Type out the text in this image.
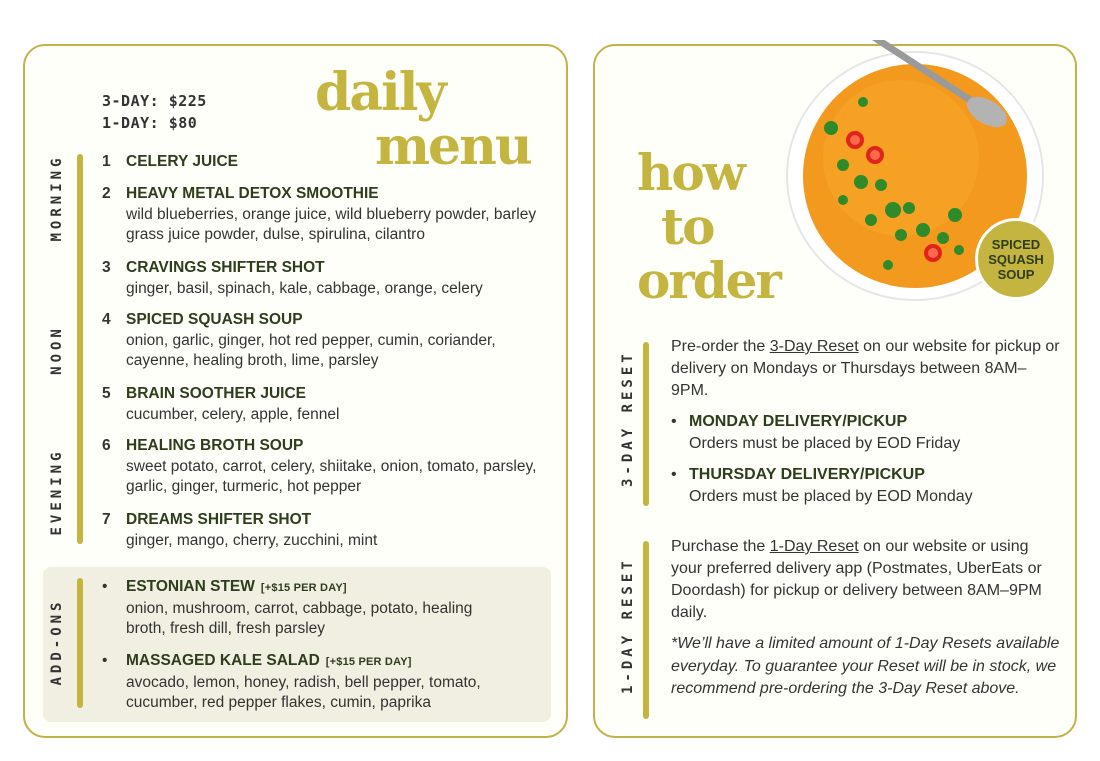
3-DAY: $225
1-DAY: $80 daily
menu
MORNING
NOON
EVENING
1 CELERY JUICE
2 HEAVY METAL DETOX SMOOTHIE
wild blueberries, orange juice, wild blueberry powder, barley grass juice powder, dulse, spirulina, cilantro
3 CRAVINGS SHIFTER SHOT
ginger, basil, spinach, kale, cabbage, orange, celery
4 SPICED SQUASH SOUP
onion, garlic, ginger, hot red pepper, cumin, coriander, cayenne, healing broth, lime, parsley
5 BRAIN SOOTHER JUICE
cucumber, celery, apple, fennel
6 HEALING BROTH SOUP
sweet potato, carrot, celery, shiitake, onion, tomato, parsley, garlic, ginger, turmeric, hot pepper
7 DREAMS SHIFTER SHOT
ginger, mango, cherry, zucchini, mint
ADD-ONS
• ESTONIAN STEW [+$15 PER DAY]
onion, mushroom, carrot, cabbage, potato, healing broth, fresh dill, fresh parsley
• MASSAGED KALE SALAD [+$15 PER DAY]
avocado, lemon, honey, radish, bell pepper, tomato, cucumber, red pepper flakes, cumin, paprika
how
to
order
3-DAY RESET
Pre-order the 3-Day Reset on our website for pickup or delivery on Mondays or Thursdays between 8AM–9PM.
• MONDAY DELIVERY/PICKUP
Orders must be placed by EOD Friday
• THURSDAY DELIVERY/PICKUP
Orders must be placed by EOD Monday
1-DAY RESET
Purchase the 1-Day Reset on our website or using your preferred delivery app (Postmates, UberEats or Doordash) for pickup or delivery between 8AM–9PM daily.
*We’ll have a limited amount of 1-Day Resets available everyday. To guarantee your Reset will be in stock, we recommend pre-ordering the 3-Day Reset above.
SPICED SQUASH SOUP
